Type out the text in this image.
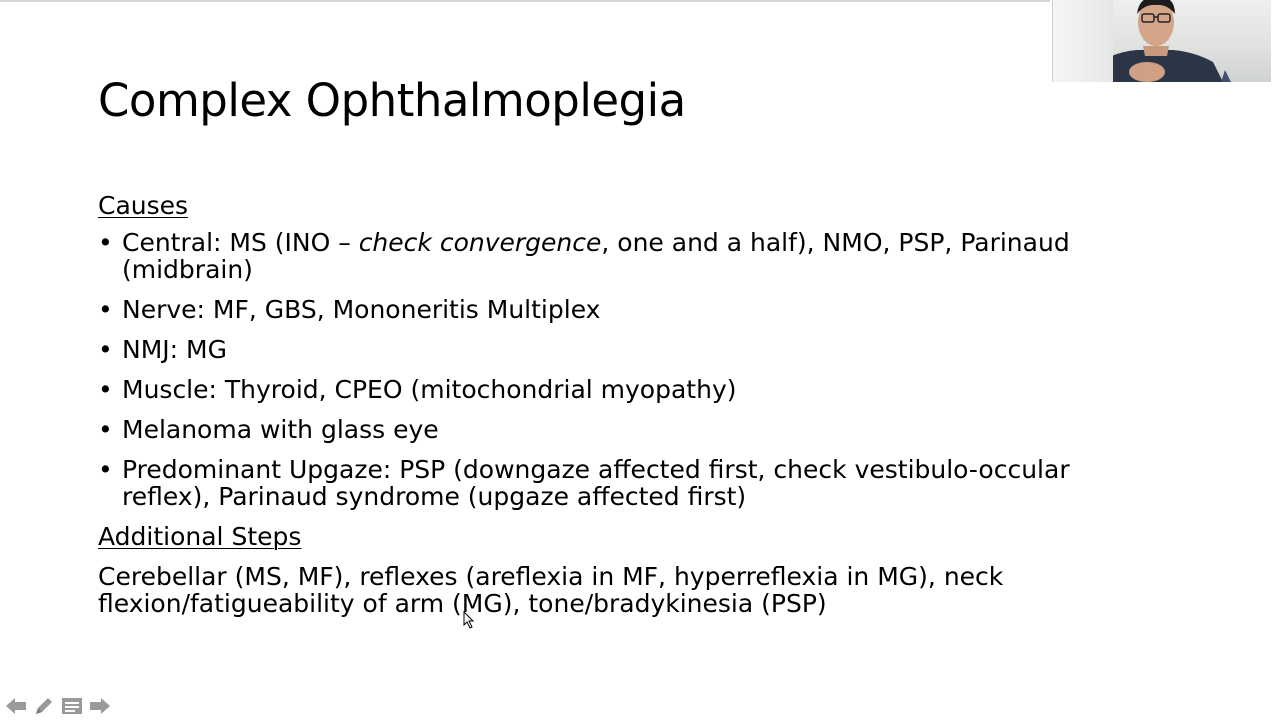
Complex Ophthalmoplegia
Causes
• Central: MS (INO – check convergence, one and a half), NMO, PSP, Parinaud (midbrain)
• Nerve: MF, GBS, Mononeritis Multiplex
• NMJ: MG
• Muscle: Thyroid, CPEO (mitochondrial myopathy)
• Melanoma with glass eye
• Predominant Upgaze: PSP (downgaze affected first, check vestibulo-occular reflex), Parinaud syndrome (upgaze affected first)
Additional Steps
Cerebellar (MS, MF), reflexes (areflexia in MF, hyperreflexia in MG), neck flexion/fatigueability of arm (MG), tone/bradykinesia (PSP)
